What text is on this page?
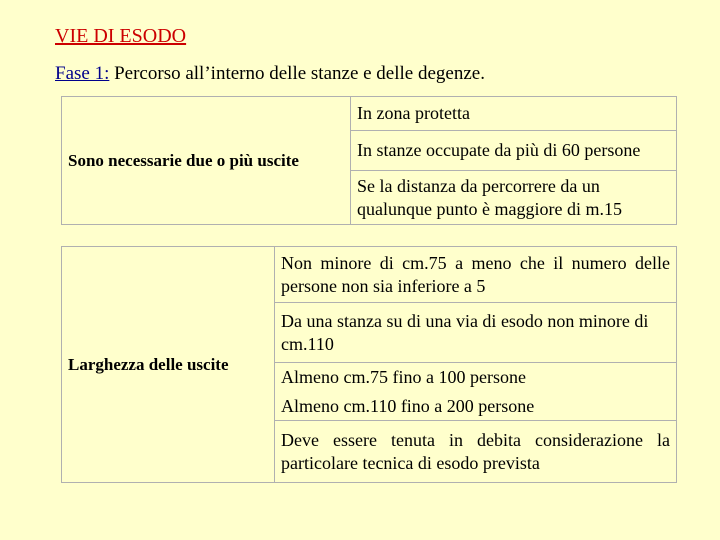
VIE DI ESODO

Fase 1: Percorso all’interno delle stanze e delle degenze.

Sono necessarie due o più uscite	In zona protetta
In stanze occupate da più di 60 persone
Se la distanza da percorrere da un qualunque punto è maggiore di m.15
Larghezza delle uscite	Non minore di cm.75 a meno che il numero delle persone non sia inferiore a 5
Da una stanza su di una via di esodo non minore di cm.110

Almeno cm.75 fino a 100 persone
Almeno cm.110 fino a 200 persone

Deve essere tenuta in debita considerazione la particolare tecnica di esodo prevista
